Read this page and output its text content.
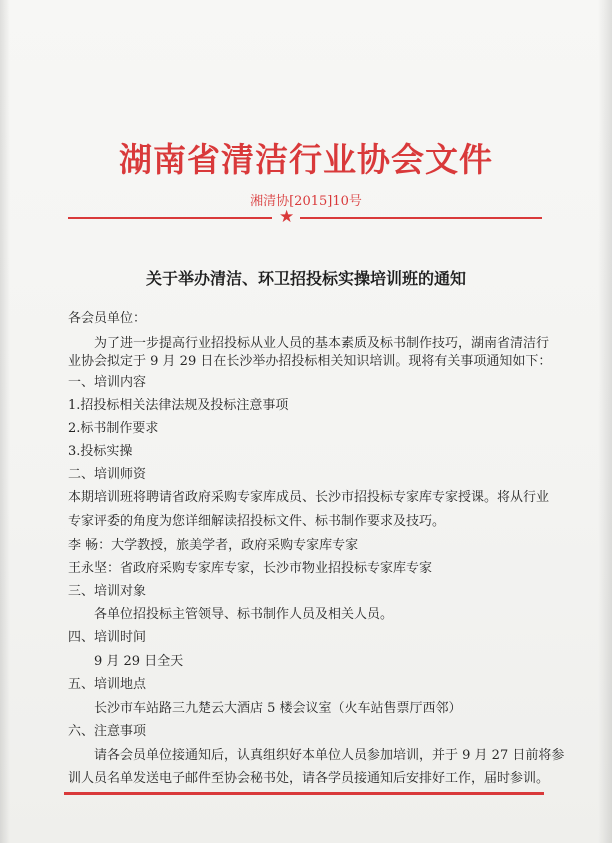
湖南省清洁行业协会文件
湘清协[2015]10号
★
关于举办清洁、环卫招投标实操培训班的通知
各会员单位：
为了进一步提高行业招投标从业人员的基本素质及标书制作技巧，湖南省清洁行
业协会拟定于 9 月 29 日在长沙举办招投标相关知识培训。现将有关事项通知如下：
一、培训内容
1.招投标相关法律法规及投标注意事项
2.标书制作要求
3.投标实操
二、培训师资
本期培训班将聘请省政府采购专家库成员、长沙市招投标专家库专家授课。将从行业
专家评委的角度为您详细解读招投标文件、标书制作要求及技巧。
李 畅：大学教授，旅美学者，政府采购专家库专家
王永坚：省政府采购专家库专家，长沙市物业招投标专家库专家
三、培训对象
各单位招投标主管领导、标书制作人员及相关人员。
四、培训时间
9 月 29 日全天
五、培训地点
长沙市车站路三九楚云大酒店 5 楼会议室（火车站售票厅西邻）
六、注意事项
请各会员单位接通知后，认真组织好本单位人员参加培训，并于 9 月 27 日前将参
训人员名单发送电子邮件至协会秘书处，请各学员接通知后安排好工作，届时参训。
